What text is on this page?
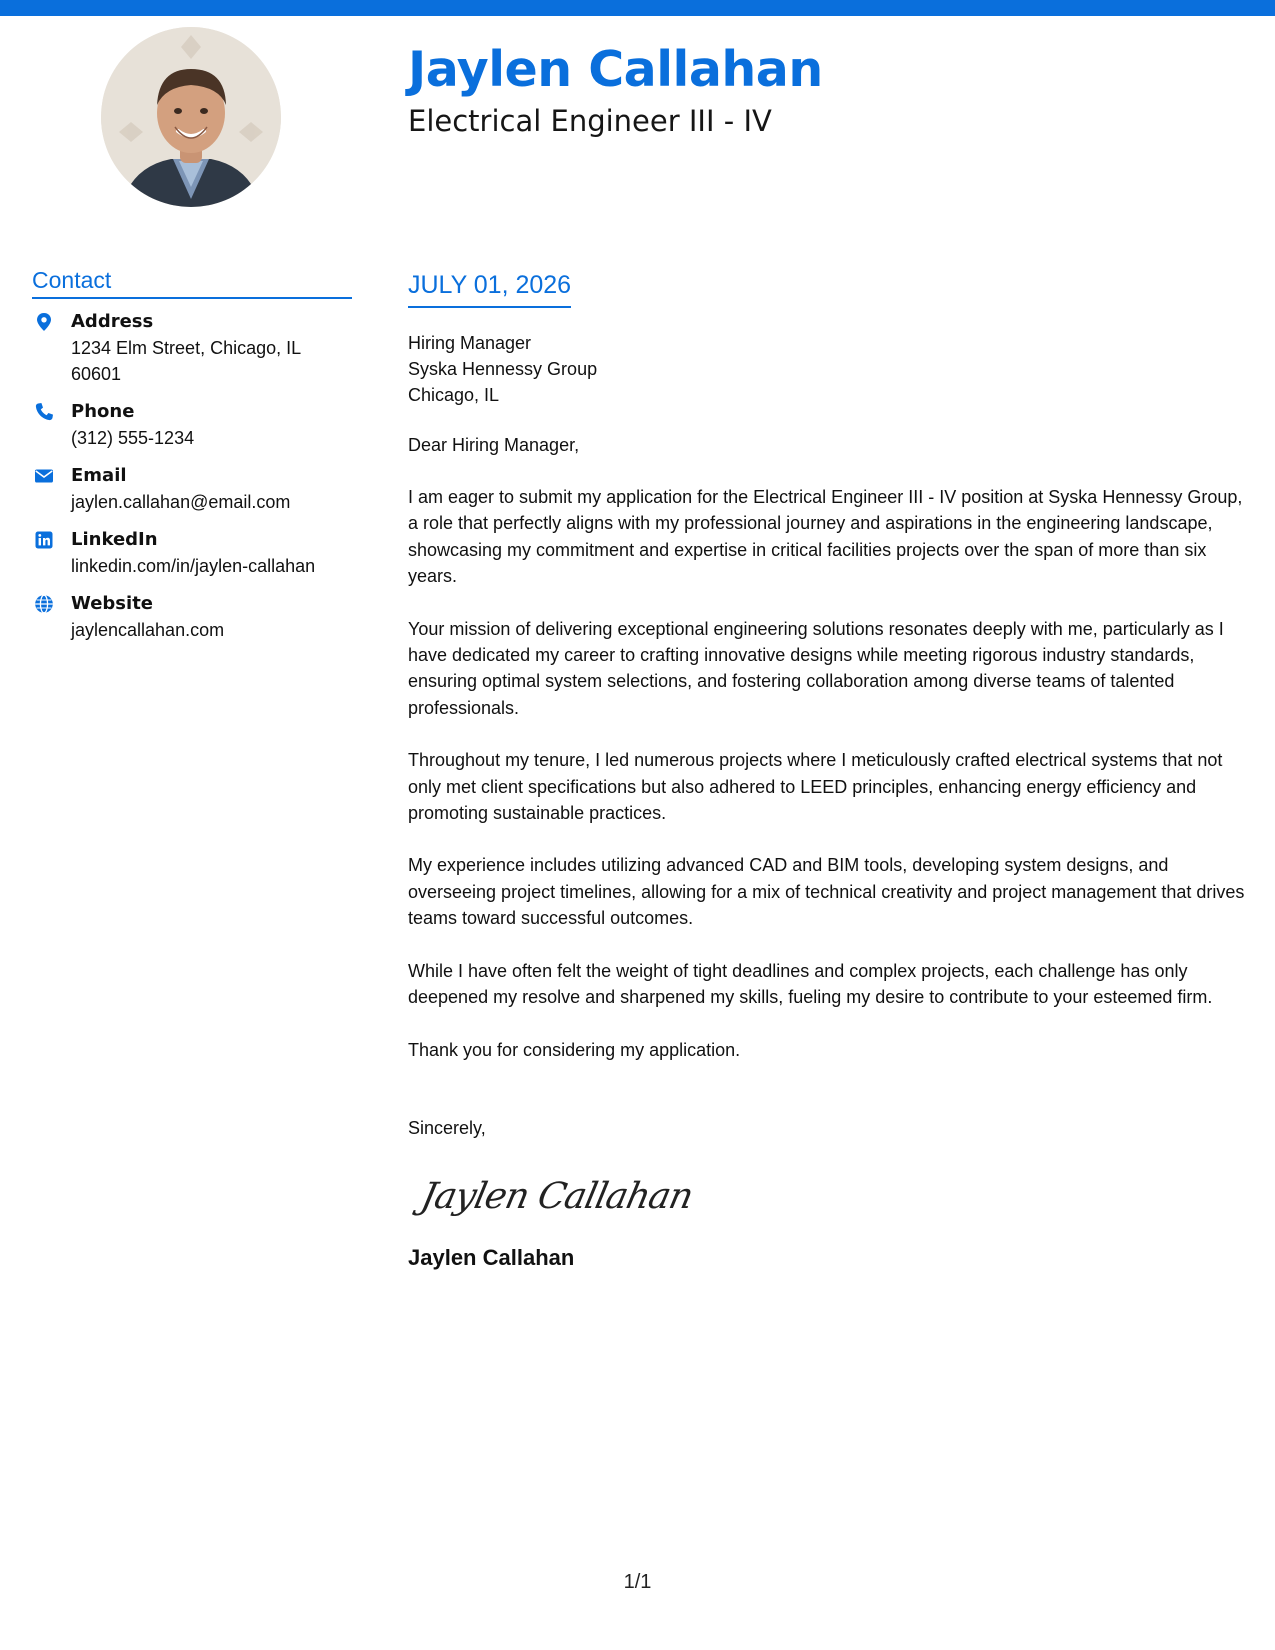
Jaylen Callahan
Electrical Engineer III - IV
Contact
Address
1234 Elm Street, Chicago, IL 60601
Phone
(312) 555-1234
Email
jaylen.callahan@email.com
LinkedIn
linkedin.com/in/jaylen-callahan
Website
jaylencallahan.com
JULY 01, 2026
Hiring Manager
Syska Hennessy Group
Chicago, IL

Dear Hiring Manager,

I am eager to submit my application for the Electrical Engineer III - IV position at Syska Hennessy Group, a role that perfectly aligns with my professional journey and aspirations in the engineering landscape, showcasing my commitment and expertise in critical facilities projects over the span of more than six years.

Your mission of delivering exceptional engineering solutions resonates deeply with me, particularly as I have dedicated my career to crafting innovative designs while meeting rigorous industry standards, ensuring optimal system selections, and fostering collaboration among diverse teams of talented professionals.

Throughout my tenure, I led numerous projects where I meticulously crafted electrical systems that not only met client specifications but also adhered to LEED principles, enhancing energy efficiency and promoting sustainable practices.

My experience includes utilizing advanced CAD and BIM tools, developing system designs, and overseeing project timelines, allowing for a mix of technical creativity and project management that drives teams toward successful outcomes.

While I have often felt the weight of tight deadlines and complex projects, each challenge has only deepened my resolve and sharpened my skills, fueling my desire to contribute to your esteemed firm.

Thank you for considering my application.

Sincerely,

Jaylen Callahan
Jaylen Callahan
1/1
